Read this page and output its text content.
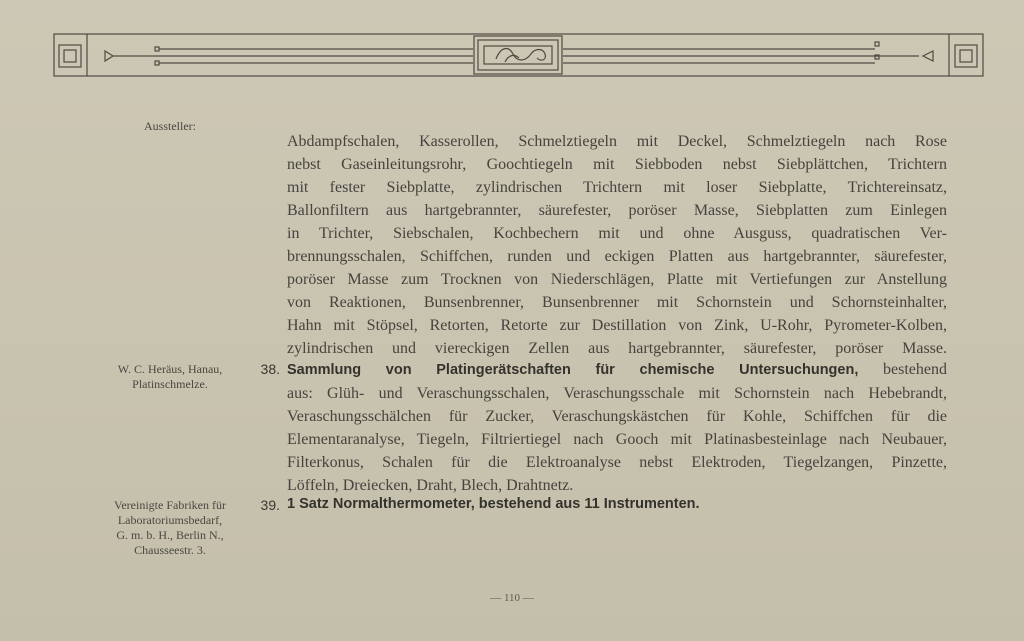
Aussteller:
Abdampfschalen, Kasserollen, Schmelztiegeln mit Deckel, Schmelztiegeln nach Rose
nebst Gaseinleitungsrohr, Goochtiegeln mit Siebboden nebst Siebplättchen, Trichtern
mit fester Siebplatte, zylindrischen Trichtern mit loser Siebplatte, Trichtereinsatz,
Ballonfiltern aus hartgebrannter, säurefester, poröser Masse, Siebplatten zum Einlegen
in Trichter, Siebschalen, Kochbechern mit und ohne Ausguss, quadratischen Ver-
brennungsschalen, Schiffchen, runden und eckigen Platten aus hartgebrannter, säurefester,
poröser Masse zum Trocknen von Niederschlägen, Platte mit Vertiefungen zur Anstellung
von Reaktionen, Bunsenbrenner, Bunsenbrenner mit Schornstein und Schornsteinhalter,
Hahn mit Stöpsel, Retorten, Retorte zur Destillation von Zink, U-Rohr, Pyrometer-Kolben,
zylindrischen und viereckigen Zellen aus hartgebrannter, säurefester, poröser Masse.
W. C. Heräus, Hanau,
Platinschmelze.
38. Sammlung von Platingerätschaften für chemische Untersuchungen, bestehend
aus: Glüh- und Veraschungsschalen, Veraschungsschale mit Schornstein nach Hebebrandt,
Veraschungsschälchen für Zucker, Veraschungskästchen für Kohle, Schiffchen für die
Elementaranalyse, Tiegeln, Filtriertiegel nach Gooch mit Platinasbesteinlage nach Neubauer,
Filterkonus, Schalen für die Elektroanalyse nebst Elektroden, Tiegelzangen, Pinzette,
Löffeln, Dreiecken, Draht, Blech, Drahtnetz.
Vereinigte Fabriken für
Laboratoriumsbedarf,
G. m. b. H., Berlin N.,
Chausseestr. 3.
39. 1 Satz Normalthermometer, bestehend aus 11 Instrumenten.
— 110 —
